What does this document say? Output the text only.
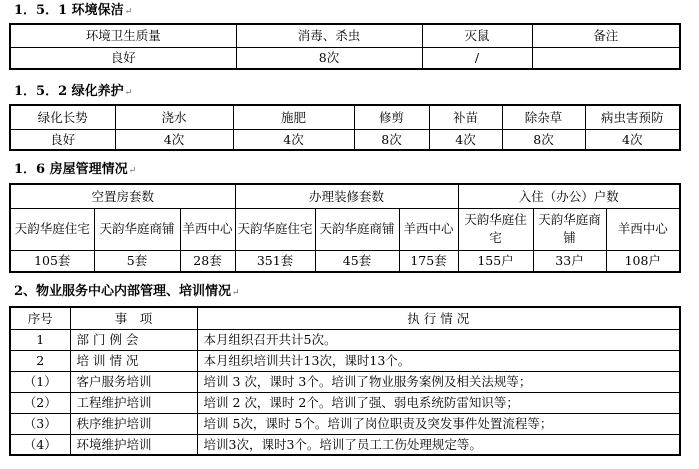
1．5．1 环境保洁↵
环境卫生质量	消毒、杀虫	灭鼠	备注
良好	8次	/	
1．5．2 绿化养护↵
绿化长势	浇水	施肥	修剪	补苗	除杂草	病虫害预防
良好	4次	4次	8次	4次	8次	4次
1．6 房屋管理情况↵
空置房套数			办理装修套数			入住（办公）户数		
天韵华庭住宅	天韵华庭商铺	羊西中心	天韵华庭住宅	天韵华庭商铺	羊西中心	天韵华庭住宅	天韵华庭商铺	羊西中心
105套	5套	28套	351套	45套	175套	155户	33户	108户
2、物业服务中心内部管理、培训情况↵
序号	事　项	执 行 情 况
1	部 门 例 会	本月组织召开共计5次。
2	培 训 情 况	本月组织培训共计13次，课时13个。
（1）	客户服务培训	培训 3 次，课时 3个。培训了物业服务案例及相关法规等；
（2）	工程维护培训	培训 2 次，课时 2个。培训了强、弱电系统防雷知识等；
（3）	秩序维护培训	培训 5次，课时 5个。培训了岗位职责及突发事件处置流程等；
（4）	环境维护培训	培训3次，课时3个。培训了员工工伤处理规定等。
